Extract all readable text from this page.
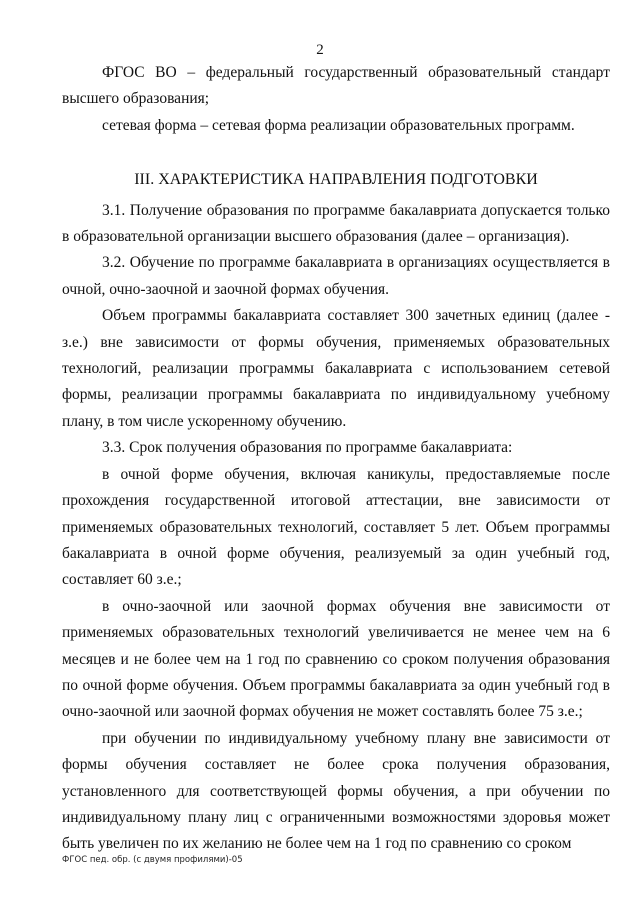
2

ФГОС ВО – федеральный государственный образовательный стандарт высшего образования;

сетевая форма – сетевая форма реализации образовательных программ.

III. ХАРАКТЕРИСТИКА НАПРАВЛЕНИЯ ПОДГОТОВКИ

3.1. Получение образования по программе бакалавриата допускается только в образовательной организации высшего образования (далее – организация).

3.2. Обучение по программе бакалавриата в организациях осуществляется в очной, очно-заочной и заочной формах обучения.

Объем программы бакалавриата составляет 300 зачетных единиц (далее - з.е.) вне зависимости от формы обучения, применяемых образовательных технологий, реализации программы бакалавриата с использованием сетевой формы, реализации программы бакалавриата по индивидуальному учебному плану, в том числе ускоренному обучению.

3.3. Срок получения образования по программе бакалавриата:

в очной форме обучения, включая каникулы, предоставляемые после прохождения государственной итоговой аттестации, вне зависимости от применяемых образовательных технологий, составляет 5 лет. Объем программы бакалавриата в очной форме обучения, реализуемый за один учебный год, составляет 60 з.е.;

в очно-заочной или заочной формах обучения вне зависимости от применяемых образовательных технологий увеличивается не менее чем на 6 месяцев и не более чем на 1 год по сравнению со сроком получения образования по очной форме обучения. Объем программы бакалавриата за один учебный год в очно-заочной или заочной формах обучения не может составлять более 75 з.е.;

при обучении по индивидуальному учебному плану вне зависимости от формы обучения составляет не более срока получения образования, установленного для соответствующей формы обучения, а при обучении по индивидуальному плану лиц с ограниченными возможностями здоровья может быть увеличен по их желанию не более чем на 1 год по сравнению со сроком

ФГОС пед. обр. (с двумя профилями)-05
